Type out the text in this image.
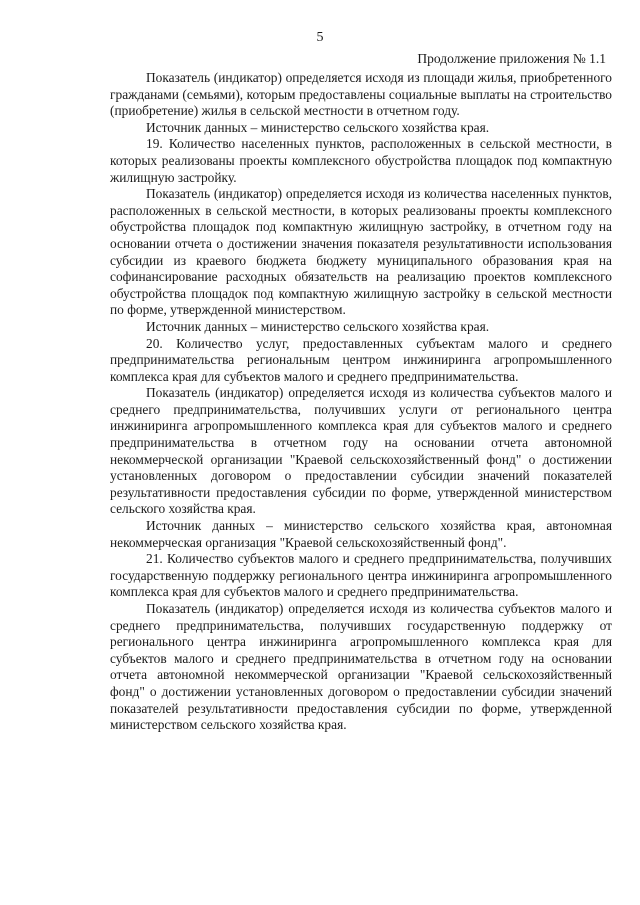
5
Продолжение приложения № 1.1

Показатель (индикатор) определяется исходя из площади жилья, приобретенного гражданами (семьями), которым предоставлены социальные выплаты на строительство (приобретение) жилья в сельской местности в отчетном году.

Источник данных – министерство сельского хозяйства края.

19. Количество населенных пунктов, расположенных в сельской местности, в которых реализованы проекты комплексного обустройства площадок под компактную жилищную застройку.

Показатель (индикатор) определяется исходя из количества населенных пунктов, расположенных в сельской местности, в которых реализованы проекты комплексного обустройства площадок под компактную жилищную застройку, в отчетном году на основании отчета о достижении значения показателя результативности использования субсидии из краевого бюджета бюджету муниципального образования края на софинансирование расходных обязательств на реализацию проектов комплексного обустройства площадок под компактную жилищную застройку в сельской местности по форме, утвержденной министерством.

Источник данных – министерство сельского хозяйства края.

20. Количество услуг, предоставленных субъектам малого и среднего предпринимательства региональным центром инжиниринга агропромышленного комплекса края для субъектов малого и среднего предпринимательства.

Показатель (индикатор) определяется исходя из количества субъектов малого и среднего предпринимательства, получивших услуги от регионального центра инжиниринга агропромышленного комплекса края для субъектов малого и среднего предпринимательства в отчетном году на основании отчета автономной некоммерческой организации "Краевой сельскохозяйственный фонд" о достижении установленных договором о предоставлении субсидии значений показателей результативности предоставления субсидии по форме, утвержденной министерством сельского хозяйства края.

Источник данных – министерство сельского хозяйства края, автономная некоммерческая организация "Краевой сельскохозяйственный фонд".

21. Количество субъектов малого и среднего предпринимательства, получивших государственную поддержку регионального центра инжиниринга агропромышленного комплекса края для субъектов малого и среднего предпринимательства.

Показатель (индикатор) определяется исходя из количества субъектов малого и среднего предпринимательства, получивших государственную поддержку от регионального центра инжиниринга агропромышленного комплекса края для субъектов малого и среднего предпринимательства в отчетном году на основании отчета автономной некоммерческой организации "Краевой сельскохозяйственный фонд" о достижении установленных договором о предоставлении субсидии значений показателей результативности предоставления субсидии по форме, утвержденной министерством сельского хозяйства края.
